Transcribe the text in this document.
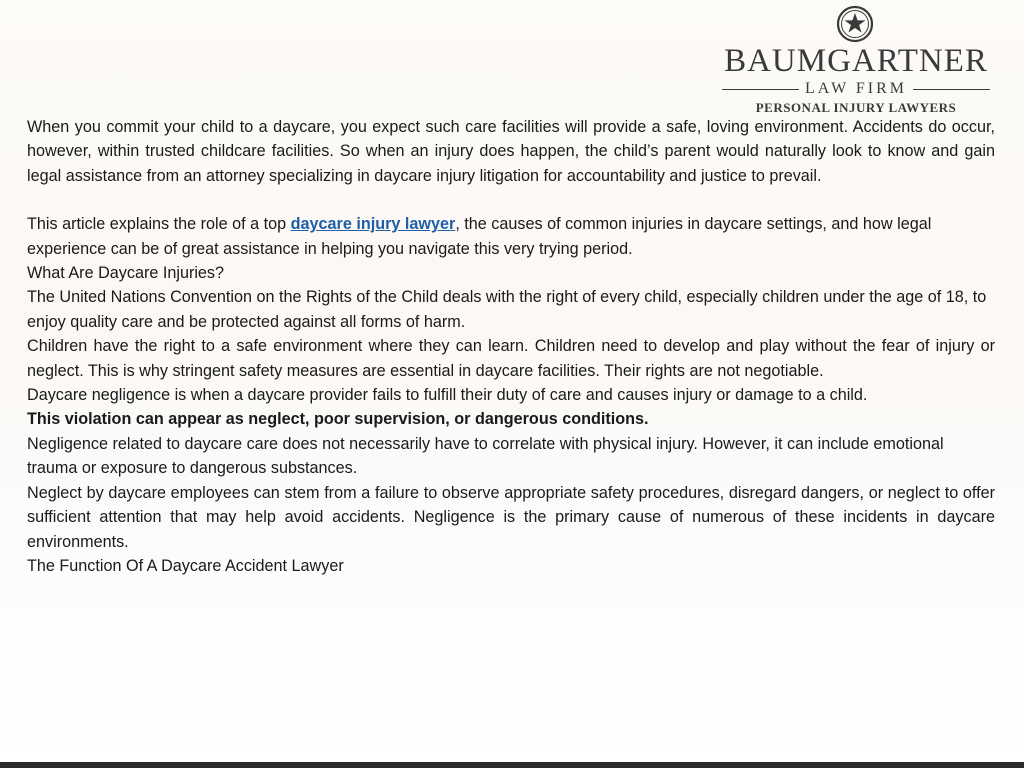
BAUMGARTNER
LAW FIRM
PERSONAL INJURY LAWYERS

When you commit your child to a daycare, you expect such care facilities will provide a safe, loving environment. Accidents do occur, however, within trusted childcare facilities. So when an injury does happen, the child’s parent would naturally look to know and gain legal assistance from an attorney specializing in daycare injury litigation for accountability and justice to prevail.

This article explains the role of a top daycare injury lawyer, the causes of common injuries in daycare settings, and how legal experience can be of great assistance in helping you navigate this very trying period.

What Are Daycare Injuries?

The United Nations Convention on the Rights of the Child deals with the right of every child, especially children under the age of 18, to enjoy quality care and be protected against all forms of harm.

Children have the right to a safe environment where they can learn. Children need to develop and play without the fear of injury or neglect. This is why stringent safety measures are essential in daycare facilities. Their rights are not negotiable.

Daycare negligence is when a daycare provider fails to fulfill their duty of care and causes injury or damage to a child.

This violation can appear as neglect, poor supervision, or dangerous conditions.

Negligence related to daycare care does not necessarily have to correlate with physical injury. However, it can include emotional trauma or exposure to dangerous substances.

Neglect by daycare employees can stem from a failure to observe appropriate safety procedures, disregard dangers, or neglect to offer sufficient attention that may help avoid accidents. Negligence is the primary cause of numerous of these incidents in daycare environments.

The Function Of A Daycare Accident Lawyer
